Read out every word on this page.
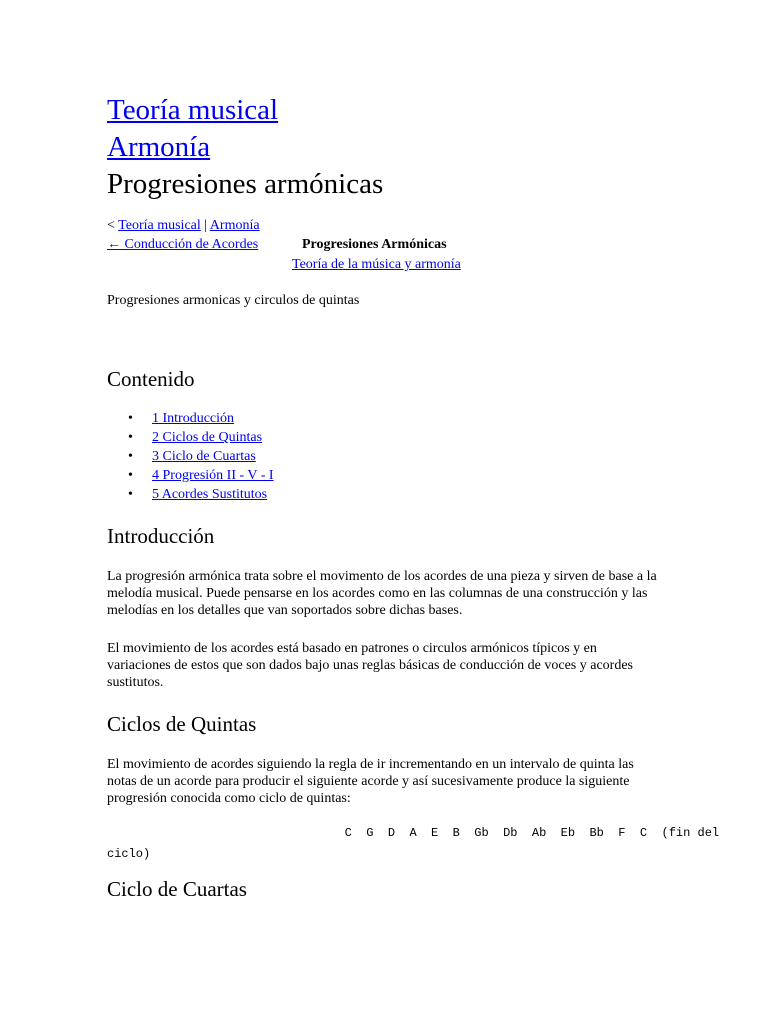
Teoría musical
Armonía
Progresiones armónicas
< Teoría musical | Armonía
← Conducción de Acordes	Progresiones Armónicas
Teoría de la música y armonía
Progresiones armonicas y circulos de quintas
Contenido
• 1 Introducción
• 2 Ciclos de Quintas
• 3 Ciclo de Cuartas
• 4 Progresión II - V - I
• 5 Acordes Sustitutos
Introducción

La progresión armónica trata sobre el movimento de los acordes de una pieza y sirven de base a la melodía musical. Puede pensarse en los acordes como en las columnas de una construcción y las melodías en los detalles que van soportados sobre dichas bases.

El movimiento de los acordes está basado en patrones o circulos armónicos típicos y en variaciones de estos que son dados bajo unas reglas básicas de conducción de voces y acordes sustitutos.

Ciclos de Quintas

El movimiento de acordes siguiendo la regla de ir incrementando en un intervalo de quinta las notas de un acorde para producir el siguiente acorde y así sucesivamente produce la siguiente progresión conocida como ciclo de quintas:

C  G  D  A  E  B  Gb  Db  Ab  Eb  Bb  F  C  (fin del
ciclo)
Ciclo de Cuartas
